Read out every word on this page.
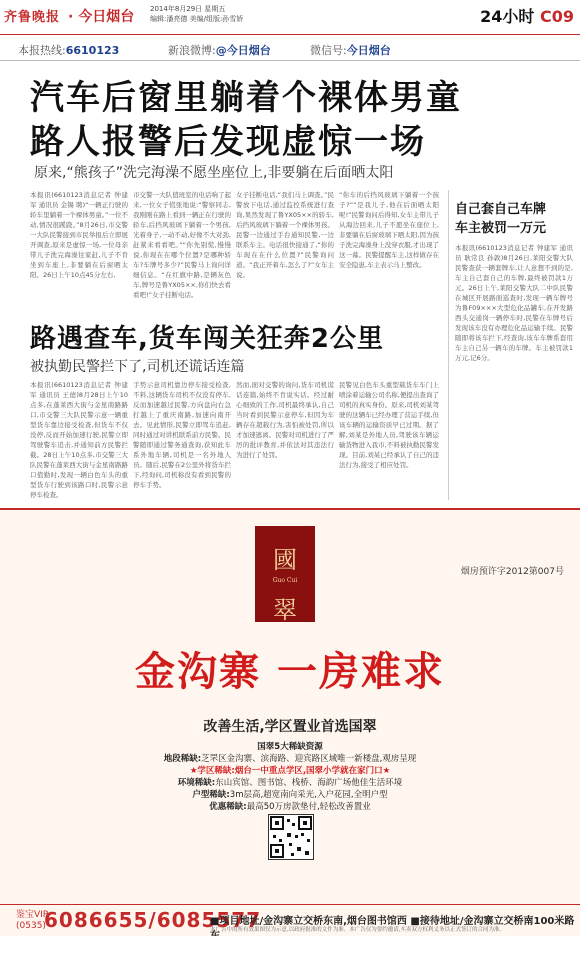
齐鲁晚报 · 今日烟台 2014年8月29日 星期五
编辑:潘亮德 美编/组版:孙雪娇	24小时 C09
本报热线:6610123	新浪微博:@今日烟台	微信号:今日烟台
汽车后窗里躺着个裸体男童
路人报警后发现虚惊一场
原来,“熊孩子”洗完海澡不愿坐座位上,非要躺在后面晒太阳
本报讯(6610123消息记者 钟建军 通讯员 金锡 聘)“一辆正行驶的轿车里躺着一个裸体男童。”一位不动,情况很蹊跷。”8月26日,市交警一大队民警接到市民举报后立即展开调查,原来是虚惊一场,一位母亲带儿子洗完海澡往家赶,儿子不肯坐到车座上,非要躺在后窗晒太阳。26日上午10点45分左右,
市交警一大队值班室的电话响了起来,一位女子慌张地说:“警察同志,我刚刚在路上看到一辆正在行驶的轿车,后挡风玻璃下躺着一个男孩,光着身子,一动不动,好像不大对劲,赶紧来看看吧。”“你先别慌,慢慢说,你现在在哪个位置?是哪种轿车?车牌号多少?”民警马上询问详细信息。“在红旗中路,是辆灰色车,牌号是鲁YX05××,你们快去看看吧!”女子挂断电话。
女子挂断电话,“我们马上调查。”民警放下电话,通过监控系统进行查询,果然发现了鲁YX05××的轿车,后挡风玻璃下躺着一个裸体男孩。民警一边通过手台通知民警,一边联系车主。电话很快接通了,“你的车现在在什么位置?”民警询问道。“我正开着车,怎么了?”女车主说。
“你车的后挡风玻璃下躺着一个孩子?”“是我儿子,他在后面晒太阳呢!”民警询问后得知,女车主带儿子从海边回来,儿子不愿坐在座位上,非要躺在后窗玻璃下晒太阳,因为孩子洗完海澡身上没穿衣服,才出现了这一幕。民警提醒车主,这样做存在安全隐患,车主表示马上整改。
自己套自己车牌
车主被罚一万元
本报讯(6610123消息记者 钟建军 通讯员 耿常良 孙敦)8月26日,莱阳交警大队民警查获一辆套牌车,让人意想不到的是,车主自己套自己的车牌,最终被罚款1万元。26日上午,莱阳交警大队二中队民警在城区开展路面巡查时,发现一辆车牌号为鲁F09×××大型危化品罐车,在开发路西头交通岗一辆停车时,民警在车牌号后发现该车没有办理危化品运输手续。民警随即将该车拦下,经查询,该车车牌系套用车主自己另一辆车的车牌。车主被罚款1万元,记6分。
路遇查车,货车闯关狂奔2公里
被执勤民警拦下了,司机还谎话连篇
本报讯(6610123消息记者 钟建军 通讯员 王德)8月28日上午10点多,在蓬莱西大街与金星南路路口,市交警三大队民警示意一辆重型货车靠边接受检查,但货车不仅没停,反而开始加速行驶,民警立即驾驶警车追击,并通知前方民警拦截。28日上午10点多,市交警三大队民警在蓬莱西大街与金星南路路口值勤时,发现一辆白色车头的重型货车行驶到该路口时,民警示意停车检查。
手势示意司机靠边停车接受检查,不料,这辆货车司机不仅没有停车,反而加速越过民警,方向盘向右急打越上了重庆南路,加速向南开去。见此情形,民警立即驾车追赶,同时通过对讲机联系前方民警。民警随即通过警务通查询,获知此车系外地车辆,司机是一名外地人员。随后,民警在2公里外将货车拦下,经询问,司机称没有看到民警的停车手势。
然而,面对交警的询问,货车司机谎话连篇,始终不肯说实话。经过耐心细致的工作,司机最终承认,自己当时看到民警示意停车,但因为车辆存在超载行为,害怕被处罚,所以才加速逃离。民警对司机进行了严厉的批评教育,并依法对其违法行为进行了处罚。
民警见白色车头重型载货车车门上喷涂着运输公司名称,便提出查询了司机的真实身份。原来,司机刘某驾驶的这辆车已经办理了营运手续,但该车辆的运输资质早已过期。据了解,刘某是外地人员,驾驶该车辆运输货物进入我市,不料被执勤民警发现。目前,刘某已经承认了自己的违法行为,接受了相应处罚。
國
Guo Cui
翠
烟房预许字2012第007号
金沟寨 一房难求
改善生活,学区置业首选国翠
国翠5大稀缺资源
地段稀缺:芝罘区金沟寨、滨海路、迎宾路区域唯一新楼盘,观房呈现
★学区稀缺:烟台一中重点学区,国翠小学就在家门口★
环境稀缺:东山宾馆、图书馆、栈桥、海韵广场他佳生活环境
户型稀缺:3m层高,超宽南向采光,入户花园,全明户型
优惠稀缺:最高50万房款垫付,轻松改善置业
鉴宝VIP
(0535)
6086655/6085577
■项目地址/金沟寨立交桥东南,烟台图书馆西 ■接待地址/金沟寨立交桥南100米路
本广告中的所有效果图仅为示意,以政府批准的文件为准。本广告仅为要约邀请,买卖双方权利义务以正式签订的合同为准。
